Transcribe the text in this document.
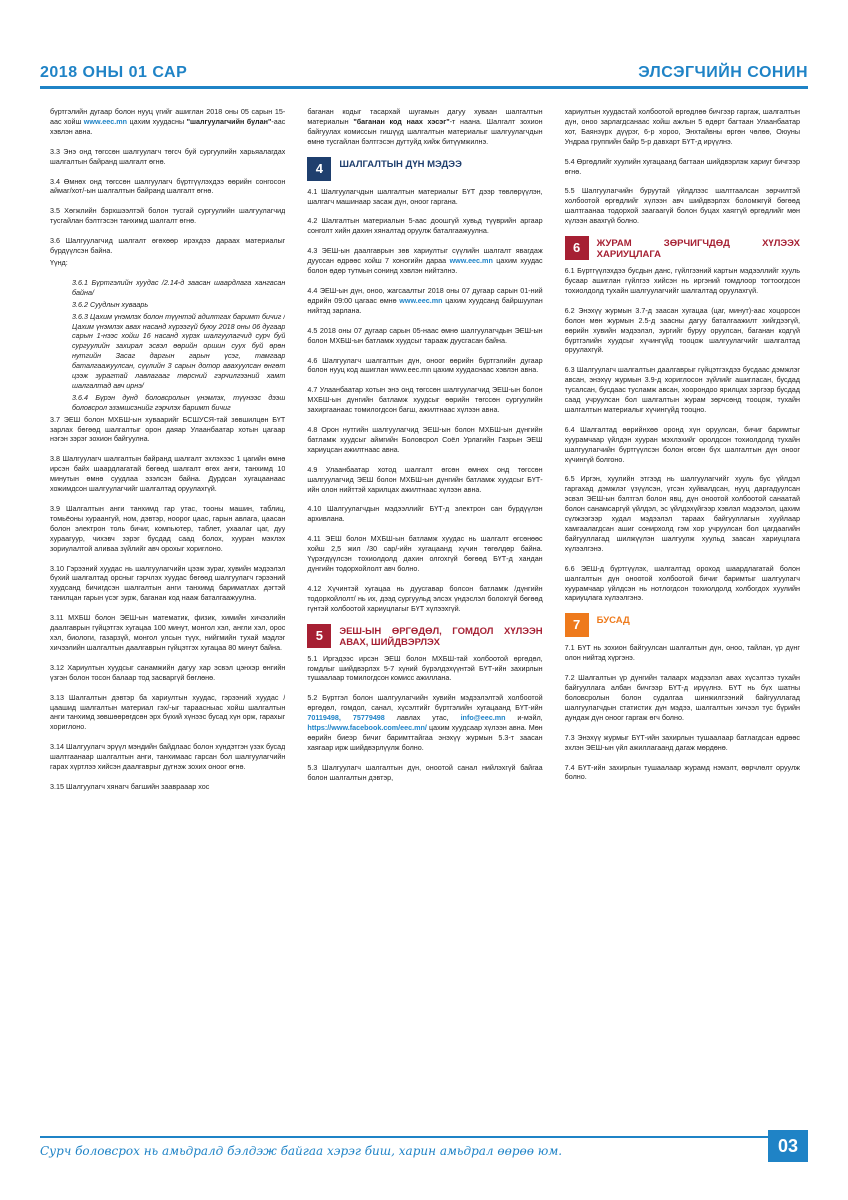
2018 ОНЫ 01 САР	ЭЛСЭГЧИЙН СОНИН

бүртгэлийн дугаар болон нууц үгийг ашиглан 2018 оны 05 сарын 15-аас хойш www.eec.mn цахим хуудасны "шалгуулагчийн булан"-аас хэвлэн авна.

3.3 Энэ онд төгссөн шалгуулагч төгсч буй сургуулийн харьяалагдах шалгалтын байранд шалгалт өгнө.

3.4 Өмнөх онд төгссөн шалгуулагч бүртгүүлэхдээ өөрийн сонгосон аймаг/хот/-ын шалгалтын байранд шалгалт өгнө.

3.5 Хөгжлийн бэрхшээлтэй болон тусгай сургуулийн шалгуулагчид тусгайлан бэлтгэсэн танхимд шалгалт өгнө.

3.6 Шалгуулагчид шалгалт өгөхөөр ирэхдээ дараах материалыг бүрдүүлсэн байна.

Үүнд:

3.6.1 Бүртгэлийн хуудас /2.14-д заасан шаардлага хангасан байна/

3.6.2 Суудлын хуваарь

3.6.3 Цахим үнэмлэх болон түүнтэй адилтгах баримт бичиг /Цахим үнэмлэх авах насанд хүрээгүй буюу 2018 оны 06 дугаар сарын 1-нээс хойш 16 насанд хүрэх шалгуулагчид сурч буй сургуулийн захирал эсвэл өөрийн оршин суух буй өрөн нутгийн Засаг даргын гарын үсэг, тамгаар баталгаажуулсан, сүүлийн 3 сарын дотор авахуулсан өнгөт цээж зурагтай лавлагааг төрсний гэрчилгээний хамт шалгалтад авч ирнэ/

3.6.4 Бүрэн дунд боловсролын үнэмлэх, түүнээс дээш боловсрол эзэмшсэнийг гэрчлэх баримт бичиг

3.7 ЭЕШ болон МХБШ-ын хуваарийг БСШУСЯ-тай зөвшилцөн БҮТ зарлах бөгөөд шалгалтыг орон даяар Улаанбаатар хотын цагаар нэгэн зэрэг зохион байгуулна.

3.8 Шалгуулагч шалгалтын байранд шалгалт эхлэхээс 1 цагийн өмнө ирсэн байх шаардлагатай бөгөөд шалгалт өгөх анги, танхимд 10 минутын өмнө суудлаа эзэлсэн байна. Дурдсан хугацаанаас хожимдсон шалгуулагчийг шалгалтад оруулахгүй.

3.9 Шалгалтын анги танхимд гар утас, тооны машин, таблиц, томьёоны хураангуй, ном, дэвтэр, ноорог цаас, гарын авлага, цаасан болон электрон толь бичиг, компьютер, таблет, ухаалаг цаг, дуу хураагуур, чихэвч зэрэг бусдад саад болох, хууран мэхлэх зориулалтой аливаа зүйлийг авч орохыг хориглоно.

3.10 Гэрээний хуудас нь шалгуулагчийн цээж зураг, хувийн мэдээлэл бүхий шалгалтад орсныг гэрчлэх хуудас бөгөөд шалгуулагч гэрээний хуудсанд бичигдсэн шалгалтын анги танхимд бариматлах дэгтэй танилцан гарын үсэг зурж, баганан код нааж баталгаажуулна.

3.11 МХБШ болон ЭЕШ-ын математик, физик, химийн хичээлийн даалгаврын гүйцэтгэх хугацаа 100 минут, монгол хэл, англи хэл, орос хэл, биологи, газарзүй, монгол улсын түүх, нийгмийн тухай мэдлэг хичээлийн шалгалтын даалгаврын гүйцэтгэх хугацаа 80 минут байна.

3.12 Хариултын хуудсыг санамжийн дагуу хар эсвэл цэнхэр өнгийн үзгэн болон тосон балаар тод засваргүй бөглөнө.

3.13 Шалгалтын дэвтэр ба хариултын хуудас, гэрээний хуудас /цаашид шалгалтын материал гэх/-ыг тараасныас хойш шалгалтын анги танхимд зөвшөөрөгдсөн эрх бүхий хүнээс бусад хүн орж, гарахыг хориглоно.

3.14 Шалгуулагч эрүүл мэндийн байдлаас болон хүндэтгэн үзэх бусад шалтгаанаар шалгалтын анги, танхимаас гарсан бол шалгуулагчийн гарах хүртлээ хийсэн даалгаврыг дүгнэж зохих оноог өгнө.

3.15 Шалгуулагч хянагч багшийн зааврааар хос

баганан кодыг тасархай шугамын дагуу хуваан шалгалтын материалын "баганан код наах хэсэг"-т наана. Шалгалт зохион байгуулах комиссын гишүүд шалгалтын материалыг шалгуулагчдын өмнө тусгайлан бэлтгэсэн дугтуйд хийж битүүмжилнэ.

4	ШАЛГАЛТЫН ДҮН МЭДЭЭ

4.1 Шалгуулагчдын шалгалтын материалыг БҮТ дээр төвлөрүүлэн, шалгагч машинаар засаж дүн, оноог гаргана.

4.2 Шалгалтын материалын 5-аас доошгүй хувьд түүврийн аргаар сонголт хийн дахин хяналтад оруулж баталгаажуулна.

4.3 ЭЕШ-ын даалгаврын зөв хариултыг сүүлийн шалгалт явагдаж дууссан өдрөөс хойш 7 хоногийн дараа www.eec.mn цахим хуудас болон өдөр тутмын сонинд хэвлэн нийтэлнэ.

4.4 ЭЕШ-ын дүн, оноо, жагсаалтыг 2018 оны 07 дугаар сарын 01-ний өдрийн 09:00 цагаас өмнө www.eec.mn цахим хуудсанд байршуулан нийтэд зарлана.

4.5 2018 оны 07 дугаар сарын 05-наас өмнө шалгуулагчдын ЭЕШ-ын болон МХБШ-ын батламж хуудсыг тарааж дуусгасан байна.

4.6 Шалгуулагч шалгалтын дүн, оноог өөрийн бүртгэлийн дугаар болон нууц код ашиглан www.eec.mn цахим хуудаснаас хэвлэн авна.

4.7 Улаанбаатар хотын энэ онд төгссөн шалгуулагчид ЭЕШ-ын болон МХБШ-ын дүнгийн батламж хуудсыг өөрийн төгссөн сургуулийн захиргаанаас томилогдсон багш, ажилтнаас хүлээн авна.

4.8 Орон нутгийн шалгуулагчид ЭЕШ-ын болон МХБШ-ын дүнгийн батламж хуудсыг аймгийн Боловсрол Соёл Урлагийн Газрын ЭЕШ хариуцсан ажилтнаас авна.

4.9 Улаанбаатар хотод шалгалт өгсөн өмнөх онд төгссөн шалгуулагчид ЭЕШ болон МХБШ-ын дүнгийн батламж хуудсыг БҮТ-ийн олон нийттэй харилцах ажилтнаас хүлээн авна.

4.10 Шалгуулагчдын мэдээллийг БҮТ-д электрон сан бүрдүүлэн архивлана.

4.11 ЭЕШ болон МХБШ-ын батламж хуудас нь шалгалт өгсөнөөс хойш 2,5 жил /30 сар/-ийн хугацаанд хүчин төгөлдөр байна. Үүрэгдүүлсэн тохиолдолд дахин олгохгүй бөгөөд БҮТ-д хандан дүнгийн тодорхойлолт авч болно.

4.12 Хүчинтэй хугацаа нь дуусгавар болсон батламж /дүнгийн тодорхойлолт/ нь их, дээд сургуульд элсэх үндэслэл болохгүй бөгөөд гүнтэй холбоотой хариуцлагыг БҮТ хүлээхгүй.

5	ЭЕШ-ЫН ӨРГӨДӨЛ, ГОМДОЛ ХҮЛЭЭН АВАХ, ШИЙДВЭРЛЭХ

5.1 Иргэдээс ирсэн ЭЕШ болон МХБШ-тай холбоотой өргөдөл, гомдлыг шийдвэрлэх 5-7 хүний бүрэлдэхүүнтэй БҮТ-ийн захирлын тушаалаар томилогдсон комисс ажиллана.

5.2 Бүртгэл болон шалгуулагчийн хувийн мэдээлэлтэй холбоотой өргөдөл, гомдол, санал, хүсэлтийг бүртгэлийн хугацаанд БҮТ-ийн 70119498, 75779498 лавлах утас, info@eec.mn и-мэйл, https://www.facebook.com/eec.mn/ цахим хуудсаар хүлээн авна. Мөн өөрийн биеэр бичиг баримттайгаа энэхүү журмын 5.3-т заасан хаягаар ирж шийдвэрлүүлж болно.

5.3 Шалгуулагч шалгалтын дүн, оноотой санал нийлэхгүй байгаа болон шалгалтын дэвтэр,

хариултын хуудастай холбоотой өргөдлөө бичгээр гаргаж, шалгалтын дүн, оноо зарлагдсанаас хойш ажлын 5 өдөрт багтаан Улаанбаатар хот, Баянзүрх дүүрэг, 6-р хороо, Энхтайвны өргөн чөлөө, Оюуны Ундраа группийн байр 5-р давхарт БҮТ-д ирүүлнэ.

5.4 Өргөдлийг хуулийн хугацаанд багтаан шийдвэрлэж хариуг бичгээр өгнө.

5.5 Шалгуулагчийн буруутай үйлдлээс шалтгаалсан зөрчилтэй холбоотой өргөдлийг хүлээн авч шийдвэрлэх боломжгүй бөгөөд шалтгаанаа тодорхой заагаагүй болон буцах хаяггүй өргөдлийг мөн хүлээн авахгүй болно.

6	ЖУРАМ ЗӨРЧИГЧДӨД ХҮЛЭЭХ ХАРИУЦЛАГА

6.1 Бүртгүүлэхдээ бусдын данс, гүйлгээний картын мэдээллийг хууль бусаар ашиглан гүйлгээ хийсэн нь иргэний гомдлоор тогтоогдсон тохиолдолд тухайн шалгуулагчийг шалгалтад оруулахгүй.

6.2 Энэхүү журмын 3.7-д заасан хугацаа (цаг, минут)-аас хоцорсон болон мөн журмын 2.5-д заасны дагуу баталгаажилт хийгдээгүй, өөрийн хувийн мэдээлэл, зургийг буруу оруулсан, баганан кодгүй бүртгэлийн хуудсыг хүчингүйд тооцож шалгуулагчийг шалгалтад оруулахгүй.

6.3 Шалгуулагч шалгалтын даалгаврыг гүйцэтгэхдээ бусдаас дэмжлэг авсан, энэхүү журмын 3.9-д хориглосон зүйлийг ашигласан, бусдад тусалсан, бусдаас тусламж авсан, хоорондоо ярилцах зэргээр бусдад саад учруулсан бол шалгалтын журам зөрчсөнд тооцож, тухайн шалгалтын материалыг хүчингүйд тооцно.

6.4 Шалгалтад өөрийнхөө оронд хүн оруулсан, бичиг баримтыг хуурамчаар үйлдэн хууран мэхлэхийг оролдсон тохиолдолд тухайн шалгуулагчийн бүртгүүлсэн болон өгсөн бүх шалгалтын дүн оноог хүчингүй болгоно.

6.5 Иргэн, хуулийн этгээд нь шалгуулагчийг хууль бус үйлдэл гаргахад дэмжлэг үзүүлсэн, үгсэн хуйвалдсан, нууц даргадуулсан эсвэл ЭЕШ-ын бэлтгэл болон явц, дүн оноотой холбоотой санаатай болон санамсаргүй үйлдэл, эс үйлдэхүйгээр хэвлэл мэдээлэл, цахим сүлжээгээр худал мэдээлэл тараах байгууллагын хууйлаар хамгаалагдсан ашиг сонирхолд гэм хор учруулсан бол цагдаагийн байгууллагад шилжүүлэн шалгуулж хуульд заасан хариуцлага хүлээлгэнэ.

6.6 ЭЕШ-д бүртгүүлэх, шалгалтад ороход шаардлагатай болон шалгалтын дүн оноотой холбоотой бичиг баримтыг шалгуулагч хуурамчаар үйлдсэн нь нотлогдсон тохиолдолд холбогдох хуулийн хариуцлага хүлээлгэнэ.

7	БУСАД

7.1 БҮТ нь зохион байгуулсан шалгалтын дүн, оноо, тайлан, үр дүнг олон нийтэд хүргэнэ.

7.2 Шалгалтын үр дүнгийн талаарх мэдээлэл авах хүсэлтээ тухайн байгууллага албан бичгээр БҮТ-д ирүүлнэ. БҮТ нь бүх шатны боловсролын болон судалгаа шинжилгээний байгууллагад шалгуулагчдын статистик дүн мэдээ, шалгалтын хичээл тус бүрийн дундаж дүн оноог гаргаж өгч болно.

7.3 Энэхүү журмыг БҮТ-ийн захирлын тушаалаар батлагдсан өдрөөс эхлэн ЭЕШ-ын үйл ажиллагаанд дагаж мөрдөнө.

7.4 БҮТ-ийн захирлын тушаалаар журамд нэмэлт, өөрчлөлт оруулж болно.

Сурч боловсрох нь амьдралд бэлдэж байгаа хэрэг биш, харин амьдрал өөрөө юм.	03
